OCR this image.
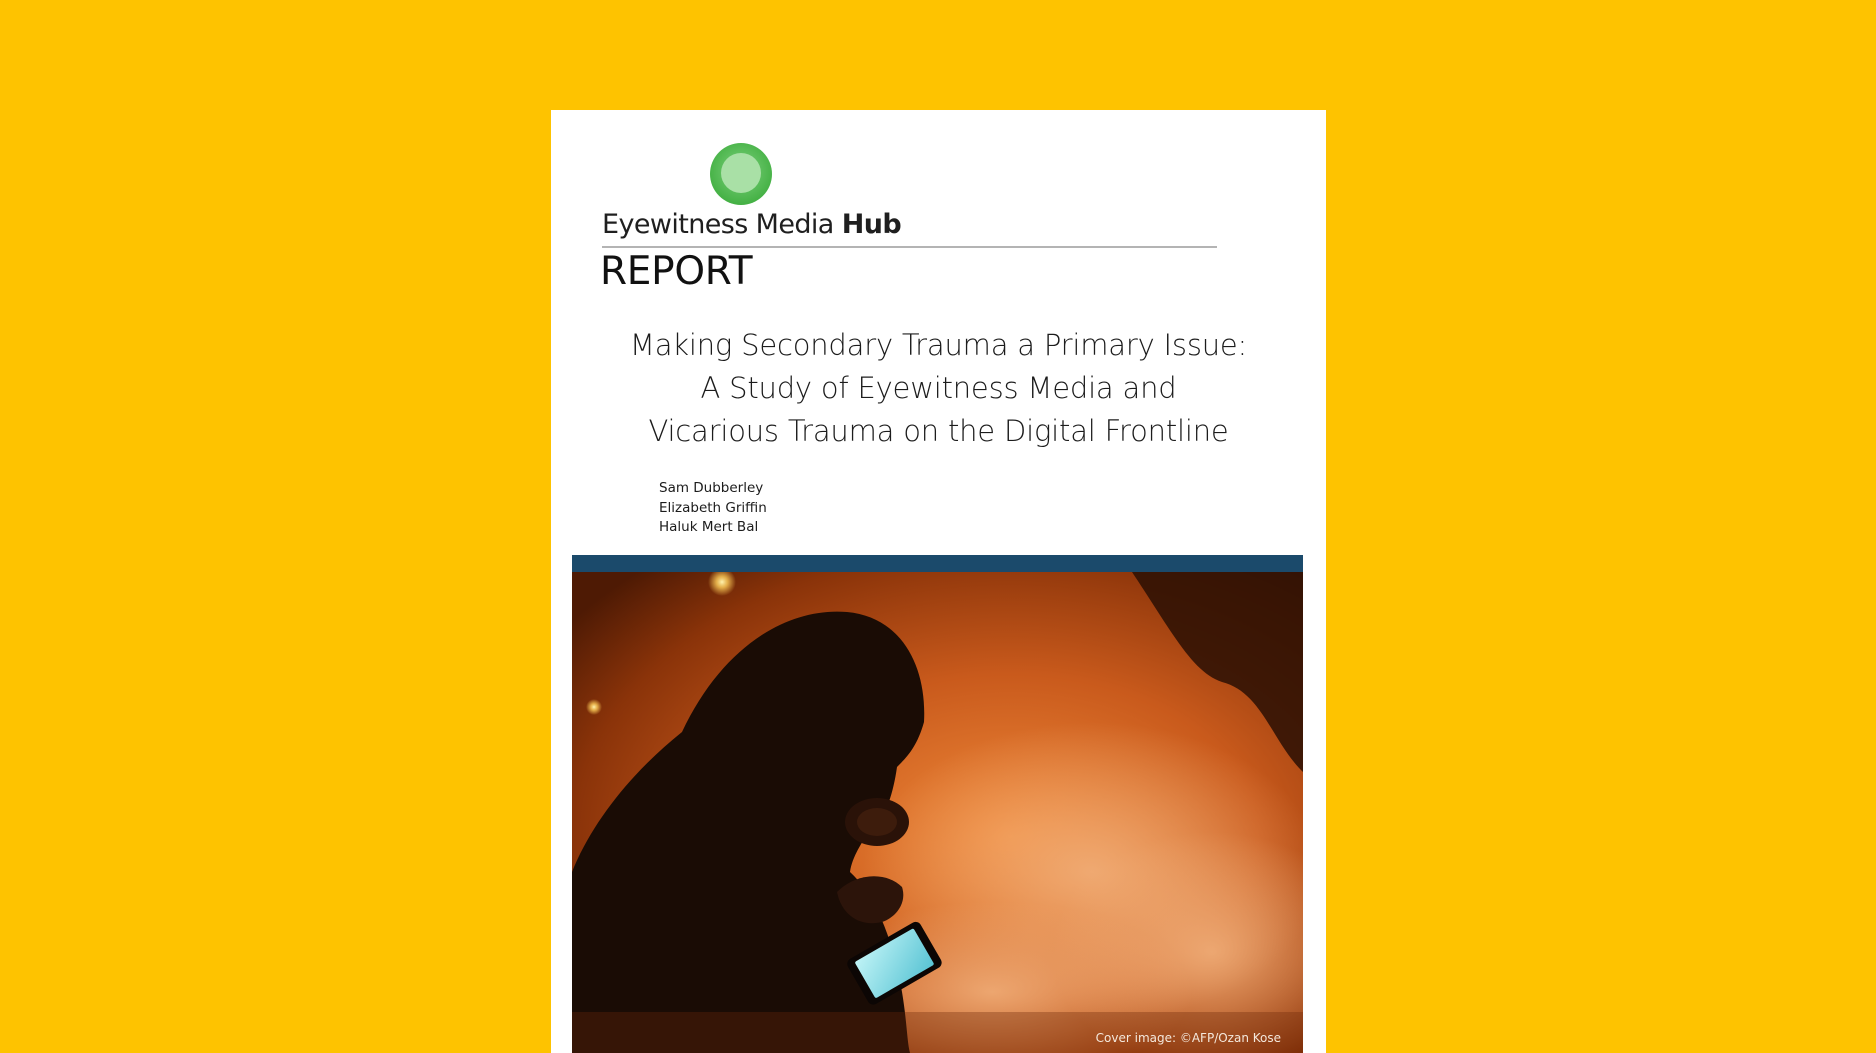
Eyewitness Media Hub
REPORT
Making Secondary Trauma a Primary Issue:
A Study of Eyewitness Media and
Vicarious Trauma on the Digital Frontline
Sam Dubberley
Elizabeth Griffin
Haluk Mert Bal
Cover image: ©AFP/Ozan Kose
